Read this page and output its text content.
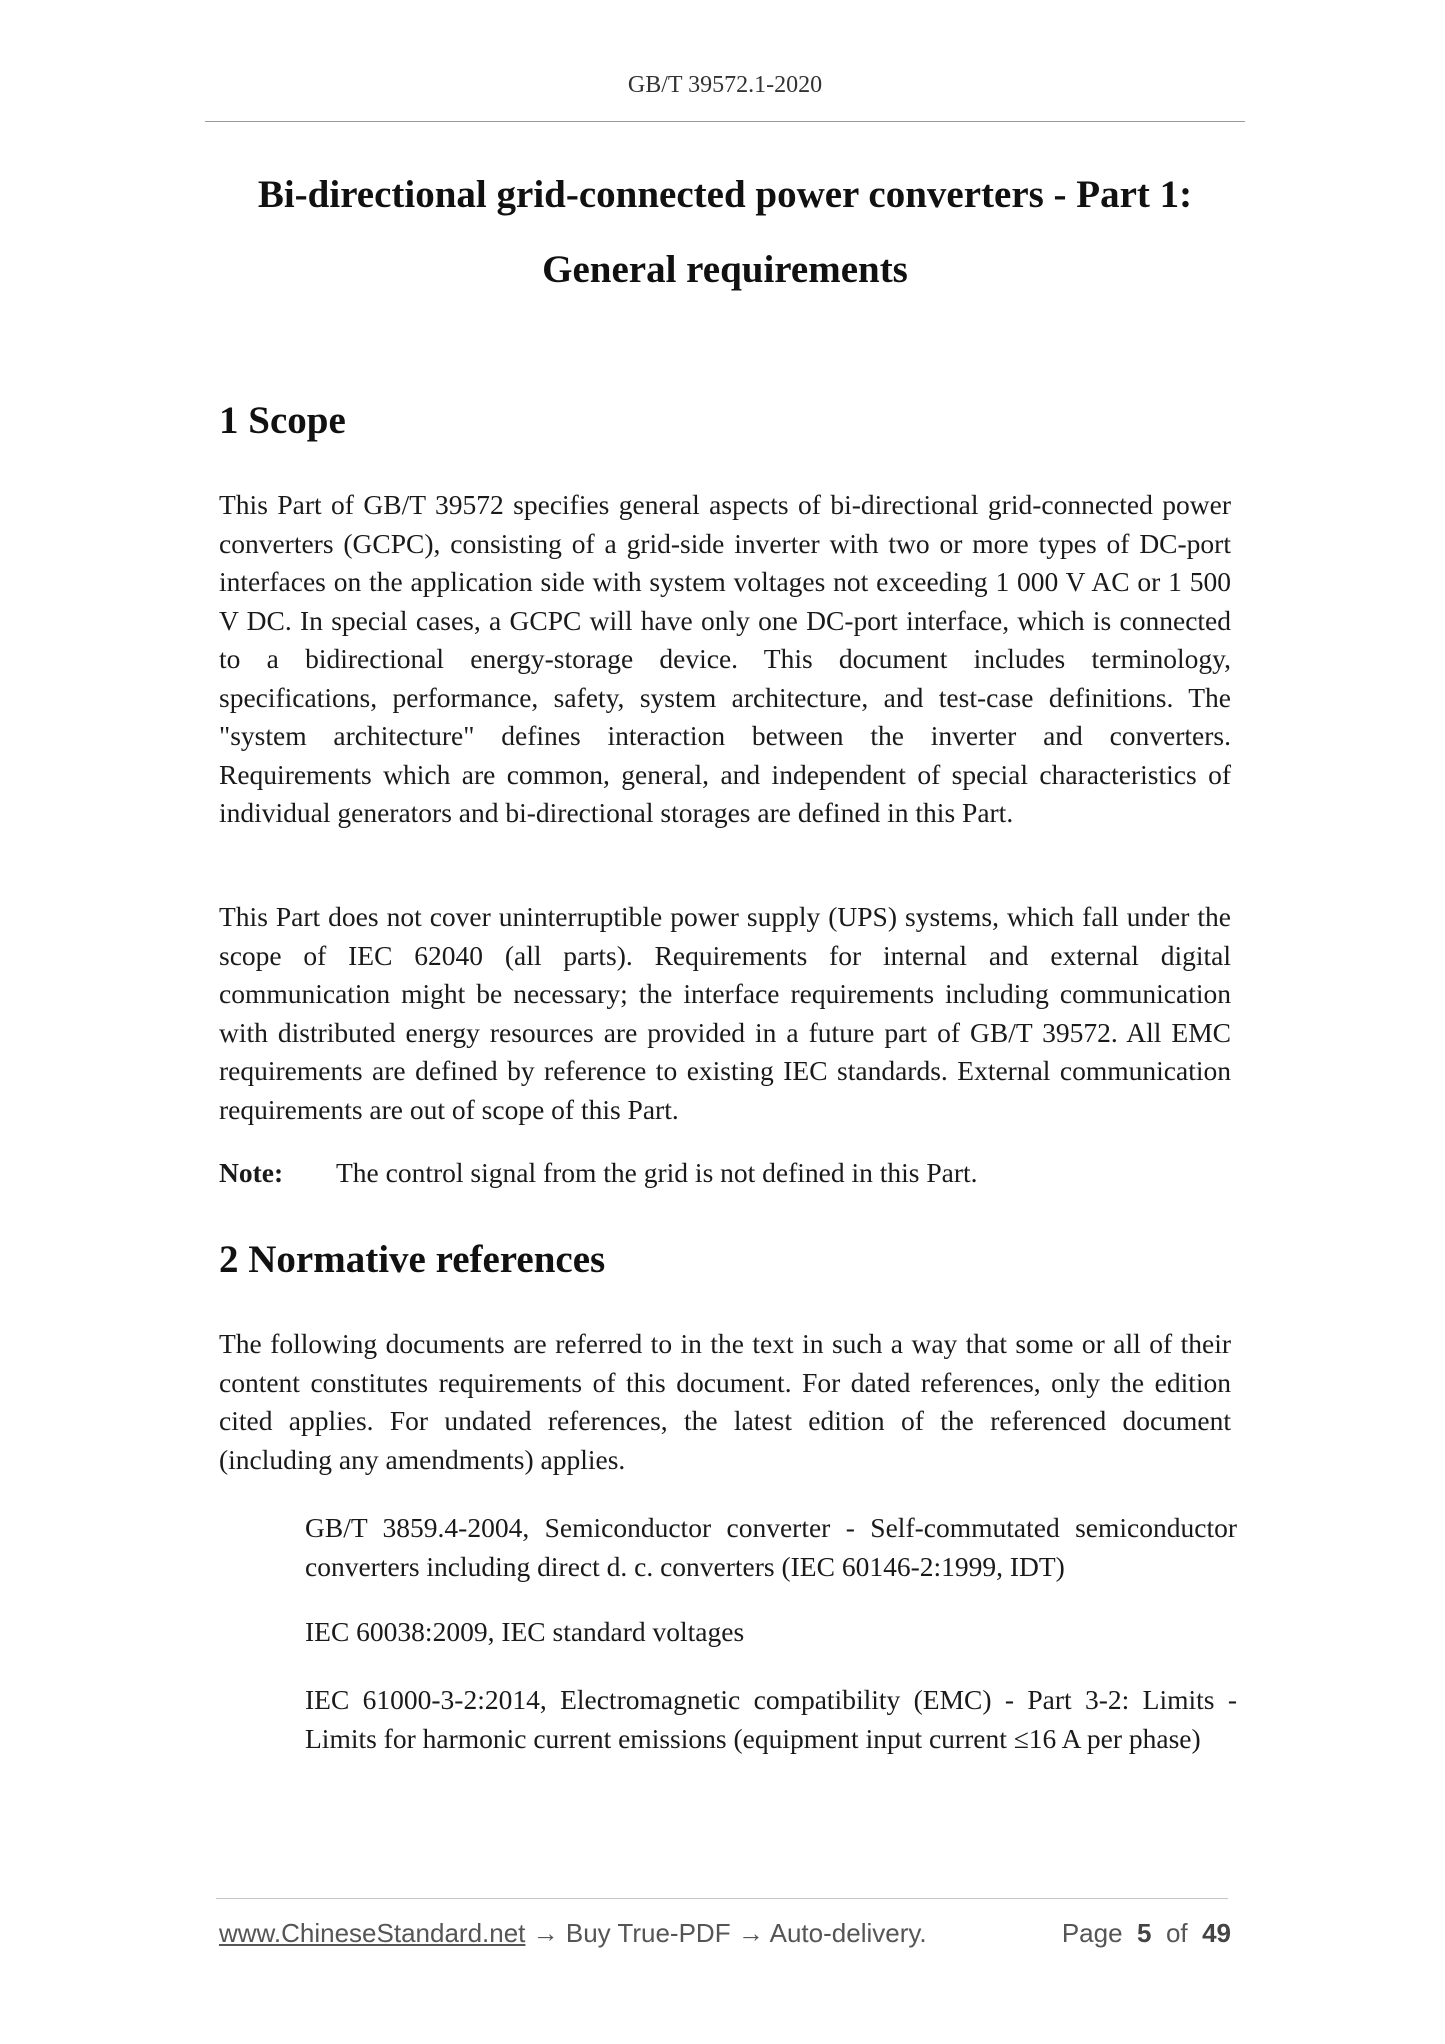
GB/T 39572.1-2020
Bi-directional grid-connected power converters - Part 1:
General requirements
1 Scope
This Part of GB/T 39572 specifies general aspects of bi-directional grid-connected power converters (GCPC), consisting of a grid-side inverter with two or more types of DC-port interfaces on the application side with system voltages not exceeding 1 000 V AC or 1 500 V DC. In special cases, a GCPC will have only one DC-port interface, which is connected to a bidirectional energy-storage device. This document includes terminology, specifications, performance, safety, system architecture, and test-case definitions. The "system architecture" defines interaction between the inverter and converters. Requirements which are common, general, and independent of special characteristics of individual generators and bi-directional storages are defined in this Part.
This Part does not cover uninterruptible power supply (UPS) systems, which fall under the scope of IEC 62040 (all parts). Requirements for internal and external digital communication might be necessary; the interface requirements including communication with distributed energy resources are provided in a future part of GB/T 39572. All EMC requirements are defined by reference to existing IEC standards. External communication requirements are out of scope of this Part.
Note: The control signal from the grid is not defined in this Part.
2 Normative references
The following documents are referred to in the text in such a way that some or all of their content constitutes requirements of this document. For dated references, only the edition cited applies. For undated references, the latest edition of the referenced document (including any amendments) applies.
GB/T 3859.4-2004, Semiconductor converter - Self-commutated semiconductor converters including direct d. c. converters (IEC 60146-2:1999, IDT)
IEC 60038:2009, IEC standard voltages
IEC 61000-3-2:2014, Electromagnetic compatibility (EMC) - Part 3-2: Limits - Limits for harmonic current emissions (equipment input current ≤16 A per phase)
www.ChineseStandard.net → Buy True-PDF → Auto-delivery.	Page 5 of 49
